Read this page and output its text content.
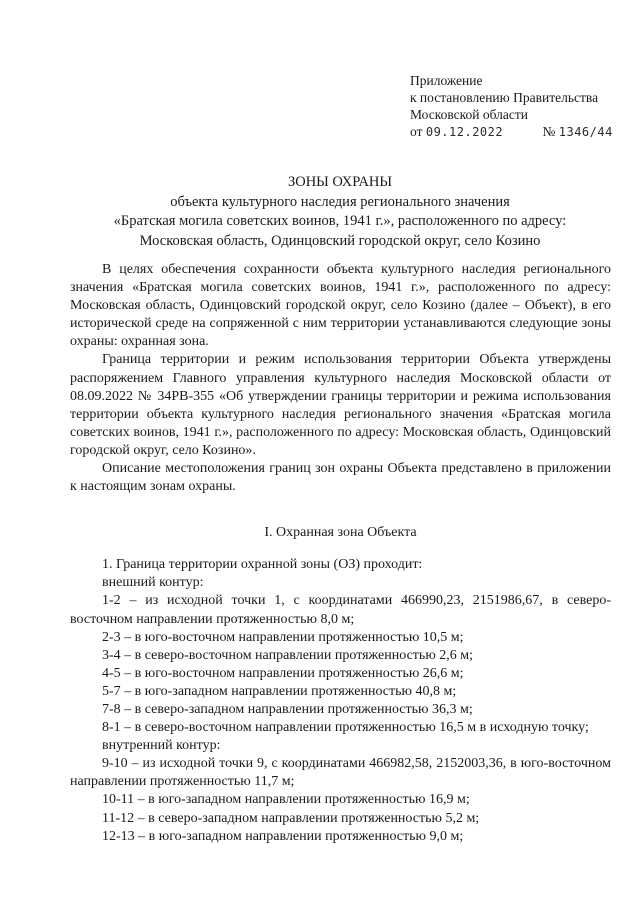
Приложение
к постановлению Правительства
Московской области
от 09.12.2022	№ 1346/44
ЗОНЫ ОХРАНЫ
объекта культурного наследия регионального значения
«Братская могила советских воинов, 1941 г.», расположенного по адресу:
Московская область, Одинцовский городской округ, село Козино

В целях обеспечения сохранности объекта культурного наследия регионального значения «Братская могила советских воинов, 1941 г.», расположенного по адресу: Московская область, Одинцовский городской округ, село Козино (далее – Объект), в его исторической среде на сопряженной с ним территории устанавливаются следующие зоны охраны: охранная зона.

Граница территории и режим использования территории Объекта утверждены распоряжением Главного управления культурного наследия Московской области от 08.09.2022 № 34РВ-355 «Об утверждении границы территории и режима использования территории объекта культурного наследия регионального значения «Братская могила советских воинов, 1941 г.», расположенного по адресу: Московская область, Одинцовский городской округ, село Козино».

Описание местоположения границ зон охраны Объекта представлено в приложении к настоящим зонам охраны.

I. Охранная зона Объекта

1. Граница территории охранной зоны (ОЗ) проходит:

внешний контур:

1-2 – из исходной точки 1, с координатами 466990,23, 2151986,67, в северо-восточном направлении протяженностью 8,0 м;

2-3 – в юго-восточном направлении протяженностью 10,5 м;

3-4 – в северо-восточном направлении протяженностью 2,6 м;

4-5 – в юго-восточном направлении протяженностью 26,6 м;

5-7 – в юго-западном направлении протяженностью 40,8 м;

7-8 – в северо-западном направлении протяженностью 36,3 м;

8-1 – в северо-восточном направлении протяженностью 16,5 м в исходную точку;

внутренний контур:

9-10 – из исходной точки 9, с координатами 466982,58, 2152003,36, в юго-восточном направлении протяженностью 11,7 м;

10-11 – в юго-западном направлении протяженностью 16,9 м;

11-12 – в северо-западном направлении протяженностью 5,2 м;

12-13 – в юго-западном направлении протяженностью 9,0 м;
